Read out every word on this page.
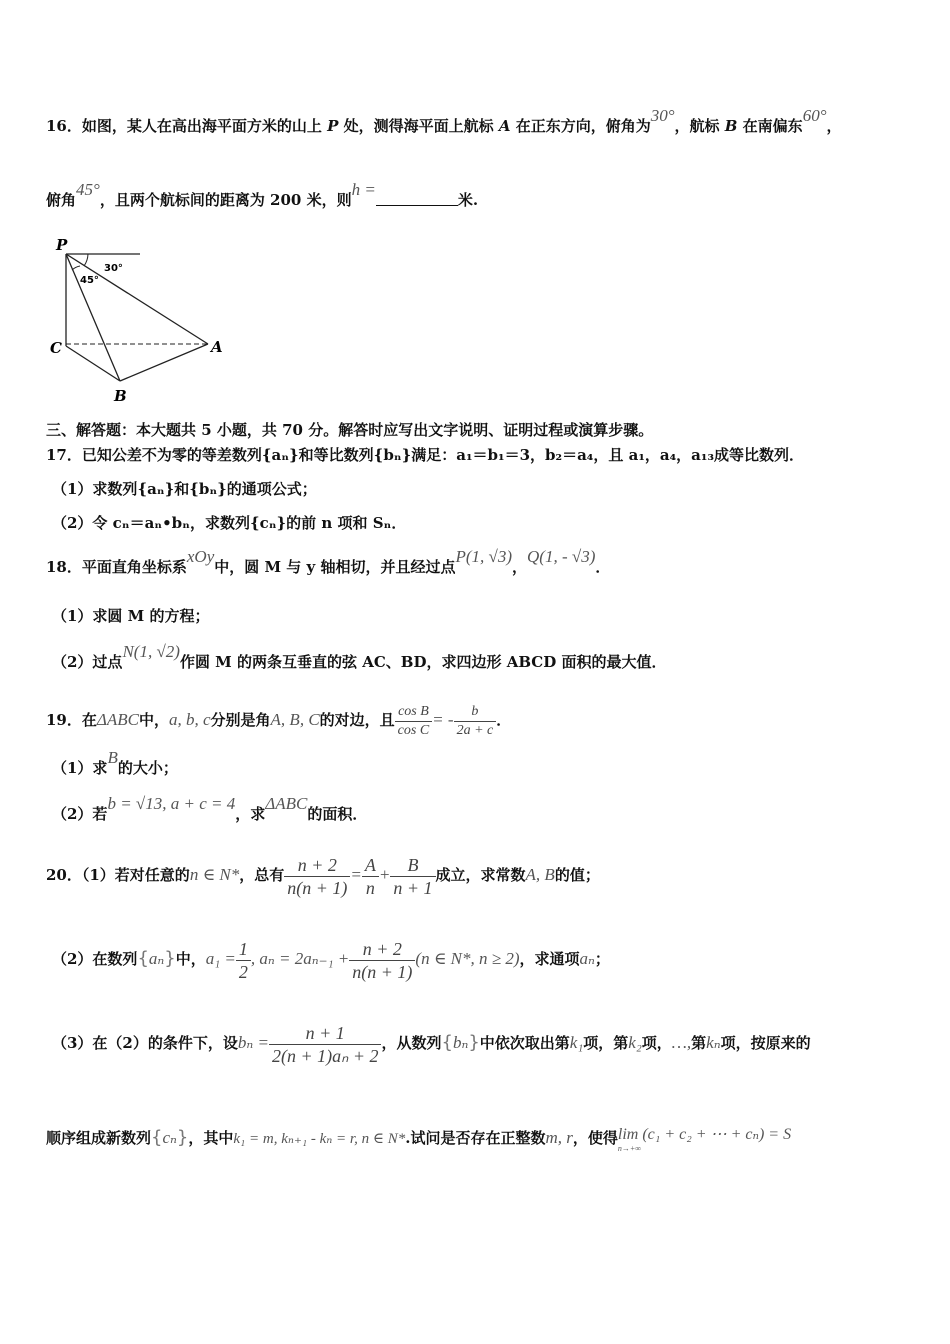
16．如图，某人在高出海平面方米的山上 P 处，测得海平面上航标 A 在正东方向，俯角为30°，航标 B 在南偏东60°，
俯角45°，且两个航标间的距离为 200 米，则h =米.
P
C	A
B
30°
45°
三、解答题：本大题共 5 小题，共 70 分。解答时应写出文字说明、证明过程或演算步骤。
17．已知公差不为零的等差数列{aₙ}和等比数列{bₙ}满足：a₁＝b₁＝3，b₂＝a₄，且 a₁，a₄，a₁₃成等比数列．
（1）求数列{aₙ}和{bₙ}的通项公式；
（2）令 cₙ＝aₙ•bₙ，求数列{cₙ}的前 n 项和 Sₙ．
18．平面直角坐标系xOy中，圆 M 与 y 轴相切，并且经过点P(1, √3)，Q(1, - √3)．
（1）求圆 M 的方程；
（2）过点N(1, √2)作圆 M 的两条互垂直的弦 AC、BD，求四边形 ABCD 面积的最大值．
19．在ΔABC中，a, b, c分别是角A, B, C的对边，且 $\frac{\text{cos B}}{\text{cos C}}$ = - $\frac{b}{2a + c}$ ．
（1）求B的大小；
（2）若b = √13, a + c = 4，求ΔABC的面积．
20．（1）若对任意的n ∈ N*，总有 $\frac{n + 2}{n(n + 1)} = \frac{A}{n} + \frac{B}{n + 1}$ 成立，求常数A, B的值；
（2）在数列{aₙ}中，$a_1 = \frac{1}{2}$ , $a_n = 2a_{n-1} + \frac{n + 2}{n(n + 1)} (n$ ∈ N*, n ≥ 2)，求通项aₙ；
（3）在（2）的条件下，设$b_n = \frac{n + 1}{\text{2(n + 1)aₙ + 2}}$ ，从数列{bₙ}中依次取出第k₁项，第k₂项，…,第kₙ项，按原来的
顺序组成新数列{cₙ}，其中k₁ = m, kₙ₊₁ - kₙ = r, n ∈ N*.试问是否存在正整数m, r，使得 lim (c₁ + c₂ + ⋯ + cₙ) = S
n→+∞
